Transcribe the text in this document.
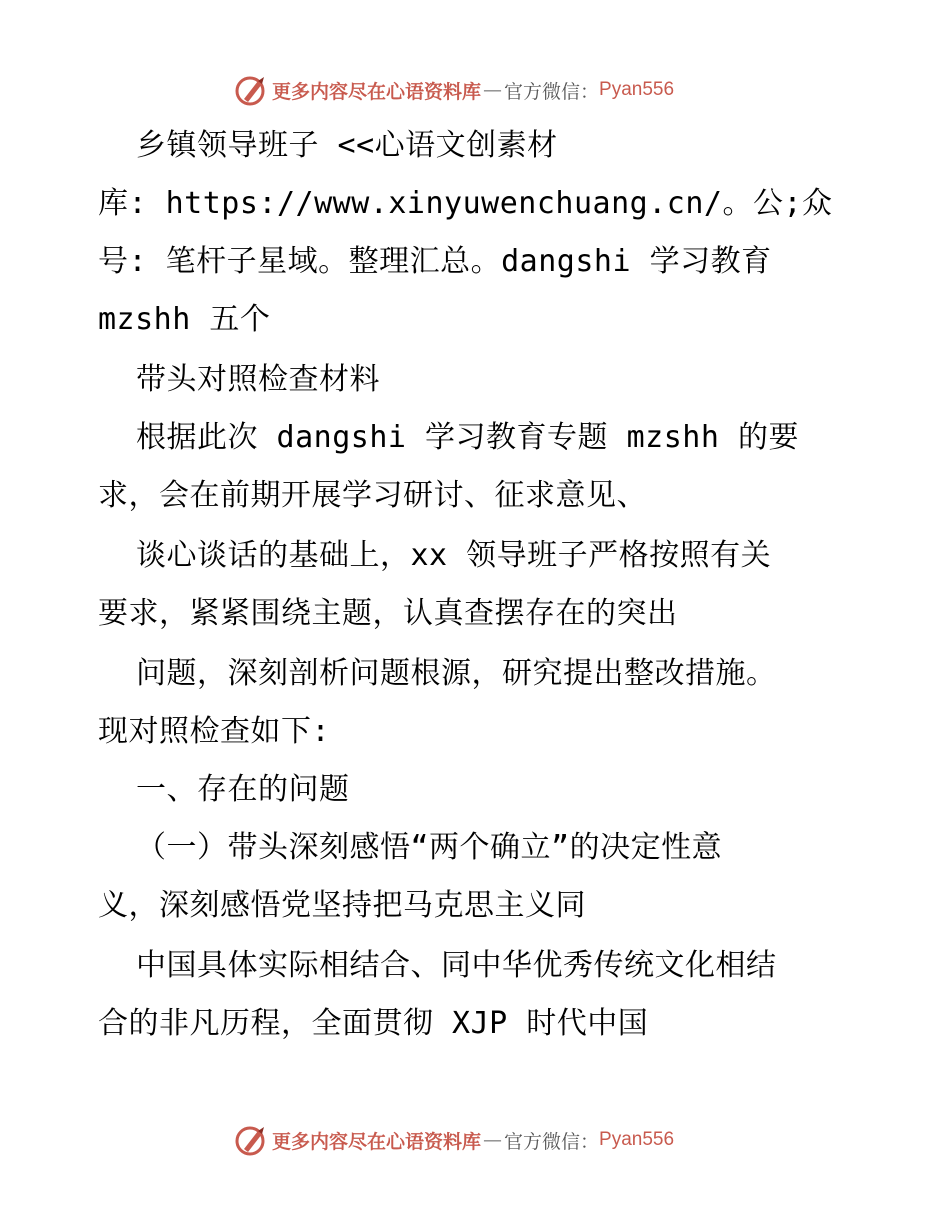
更多内容尽在心语资料库 — 官方微信： Pyan556
乡镇领导班子 <<心语文创素材
库: https://www.xinyuwenchuang.cn/。公;众
号: 笔杆子星域。整理汇总。dangshi 学习教育
mzshh 五个
带头对照检查材料
根据此次 dangshi 学习教育专题 mzshh 的要
求，会在前期开展学习研讨、征求意见、
谈心谈话的基础上，xx 领导班子严格按照有关
要求，紧紧围绕主题，认真查摆存在的突出
问题，深刻剖析问题根源，研究提出整改措施。
现对照检查如下:
一、存在的问题
（一）带头深刻感悟“两个确立”的决定性意
义，深刻感悟党坚持把马克思主义同
中国具体实际相结合、同中华优秀传统文化相结
合的非凡历程，全面贯彻 XJP 时代中国
更多内容尽在心语资料库 — 官方微信： Pyan556
